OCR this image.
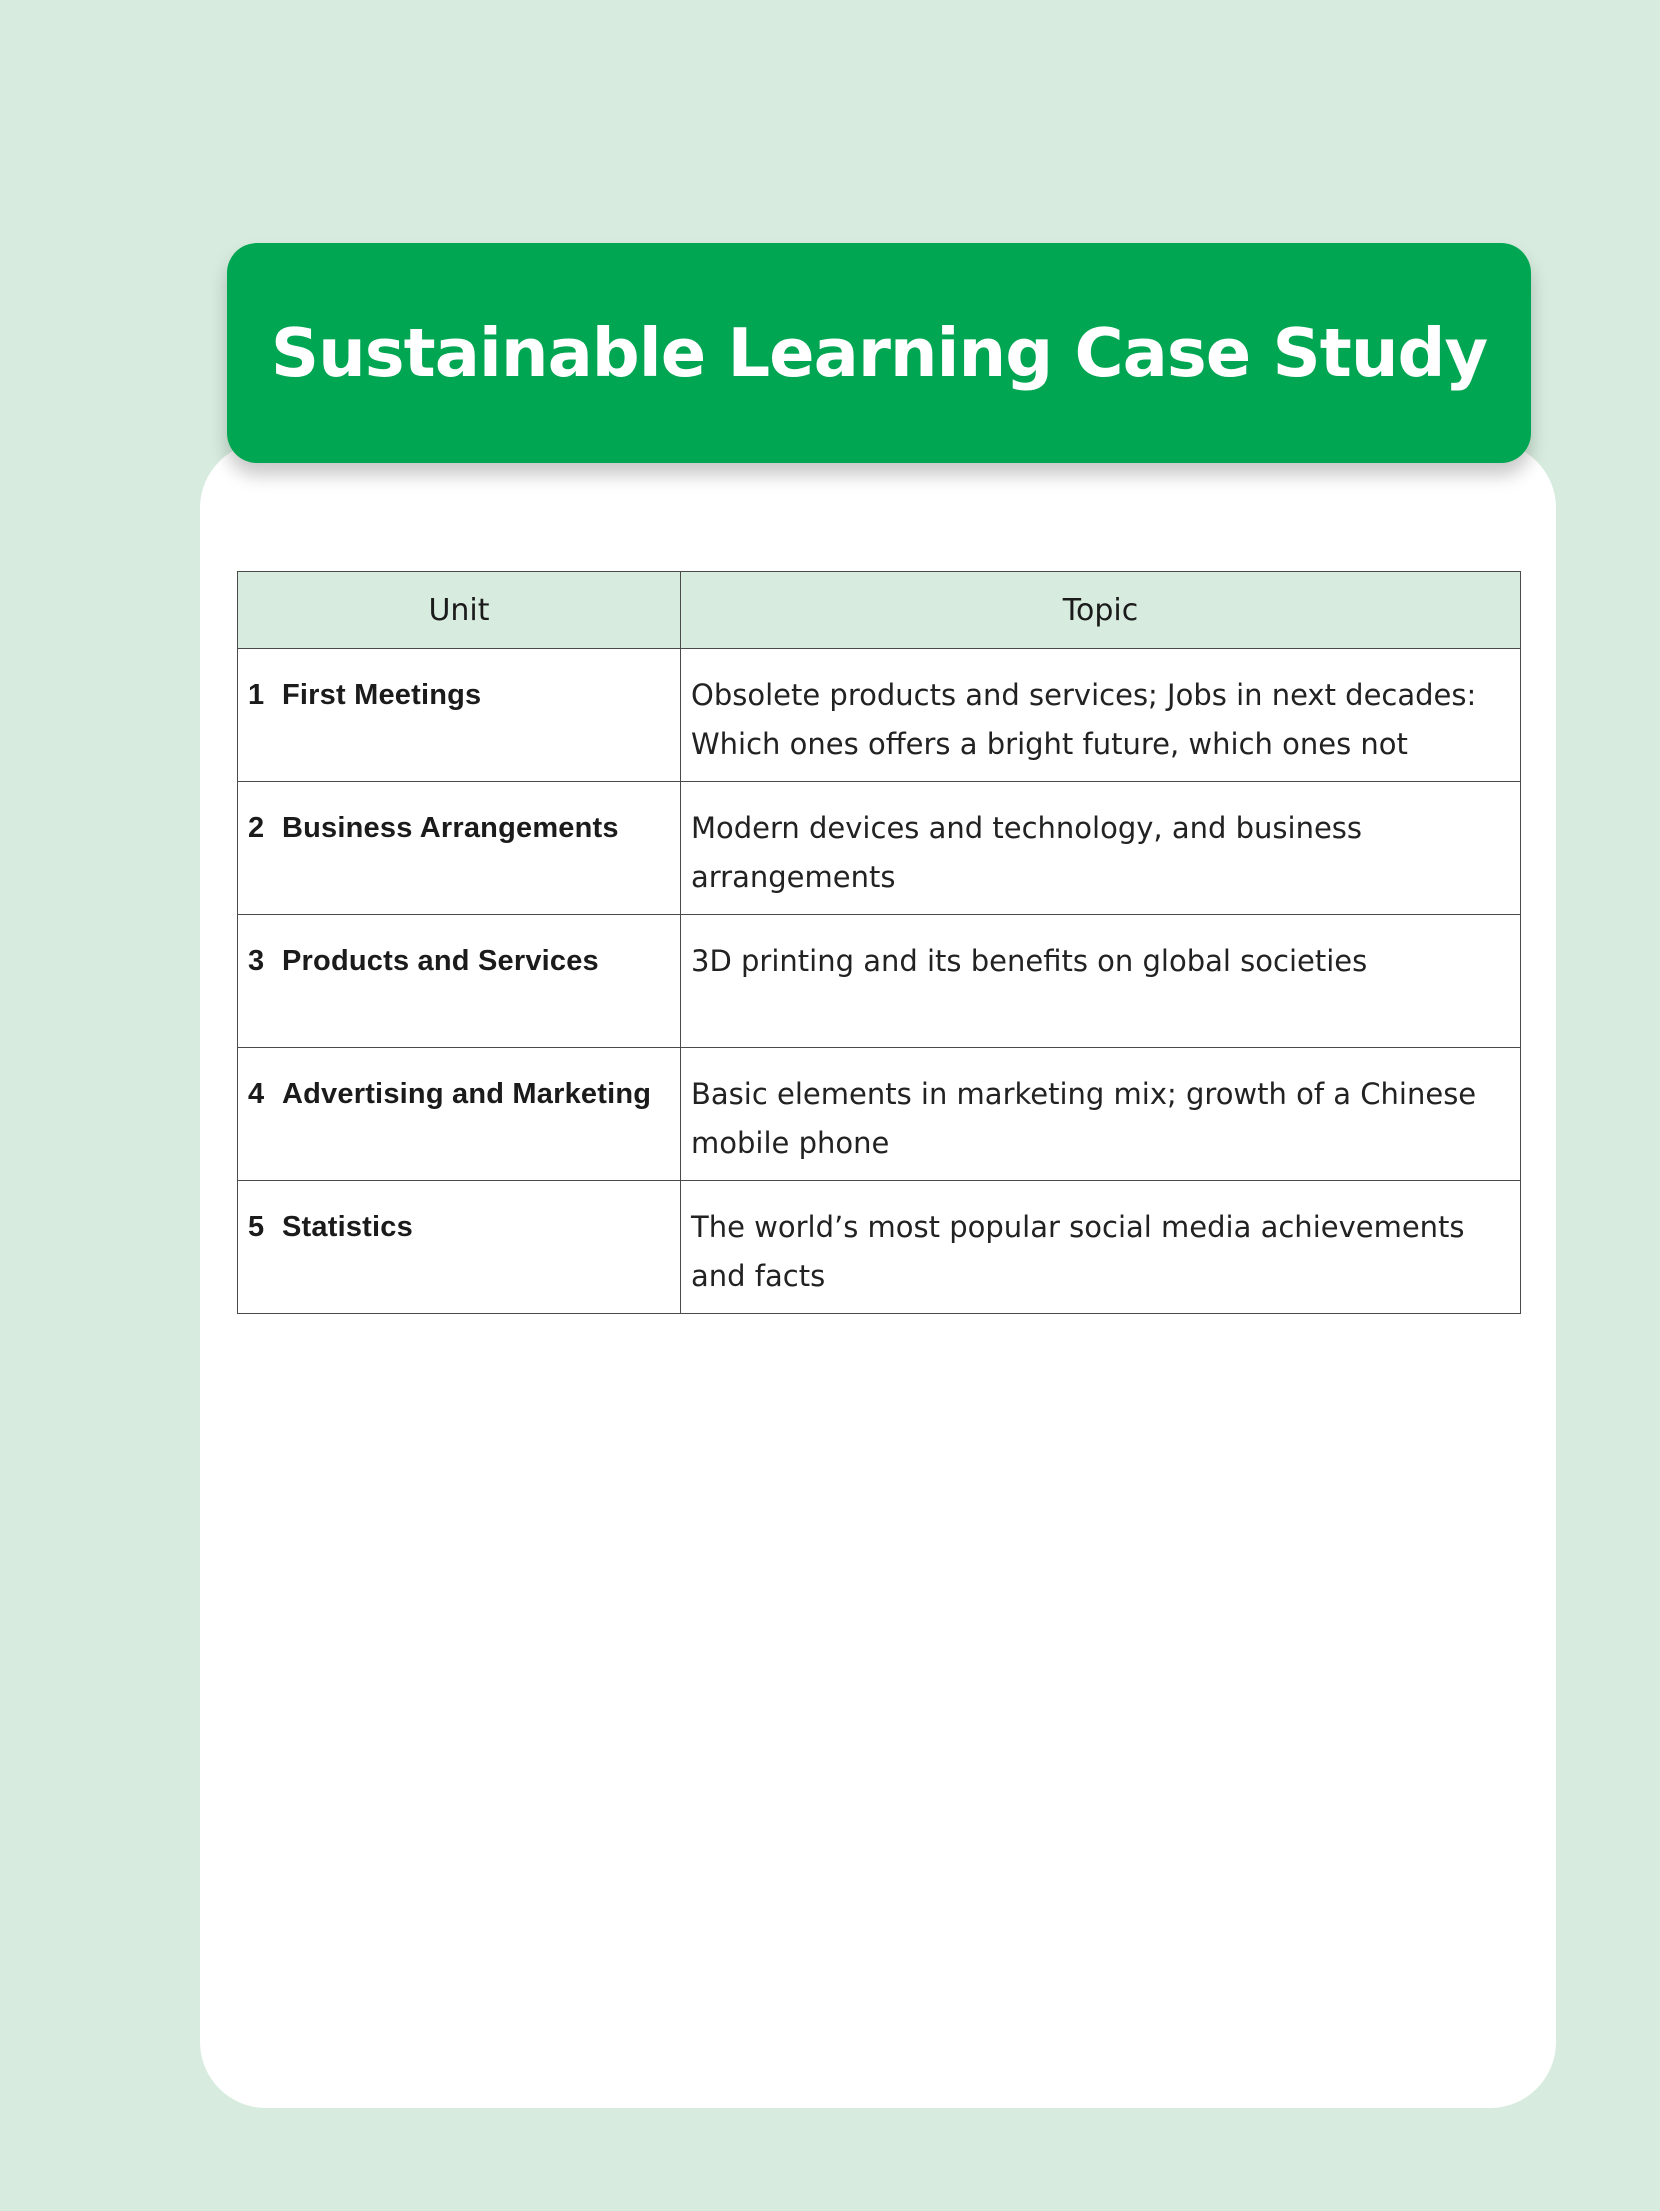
Sustainable Learning Case Study
Unit	Topic
1 First Meetings	Obsolete products and services; Jobs in next decades: Which ones offers a bright future, which ones not
2 Business Arrangements	Modern devices and technology, and business arrangements
3 Products and Services	3D printing and its benefits on global societies
4 Advertising and Marketing	Basic elements in marketing mix; growth of a Chinese mobile phone
5 Statistics	The world’s most popular social media achievements and facts
